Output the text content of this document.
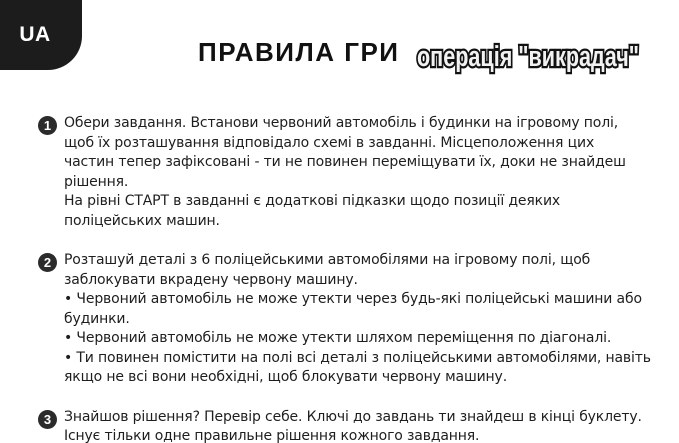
UA
ПРАВИЛА ГРИ операція "викрадач"
1 Обери завдання. Встанови червоний автомобіль і будинки на ігровому полі,
щоб їх розташування відповідало схемі в завданні. Місцеположення цих
частин тепер зафіксовані - ти не повинен переміщувати їх, доки не знайдеш
рішення.
На рівні СТАРТ в завданні є додаткові підказки щодо позиції деяких
поліцейських машин.
2 Розташуй деталі з 6 поліцейськими автомобілями на ігровому полі, щоб
заблокувати вкрадену червону машину.
• Червоний автомобіль не може утекти через будь-які поліцейські машини або
будинки.
• Червоний автомобіль не може утекти шляхом переміщення по діагоналі.
• Ти повинен помістити на полі всі деталі з поліцейськими автомобілями, навіть
якщо не всі вони необхідні, щоб блокувати червону машину.
3 Знайшов рішення? Перевір себе. Ключі до завдань ти знайдеш в кінці буклету.
Існує тільки одне правильне рішення кожного завдання.
